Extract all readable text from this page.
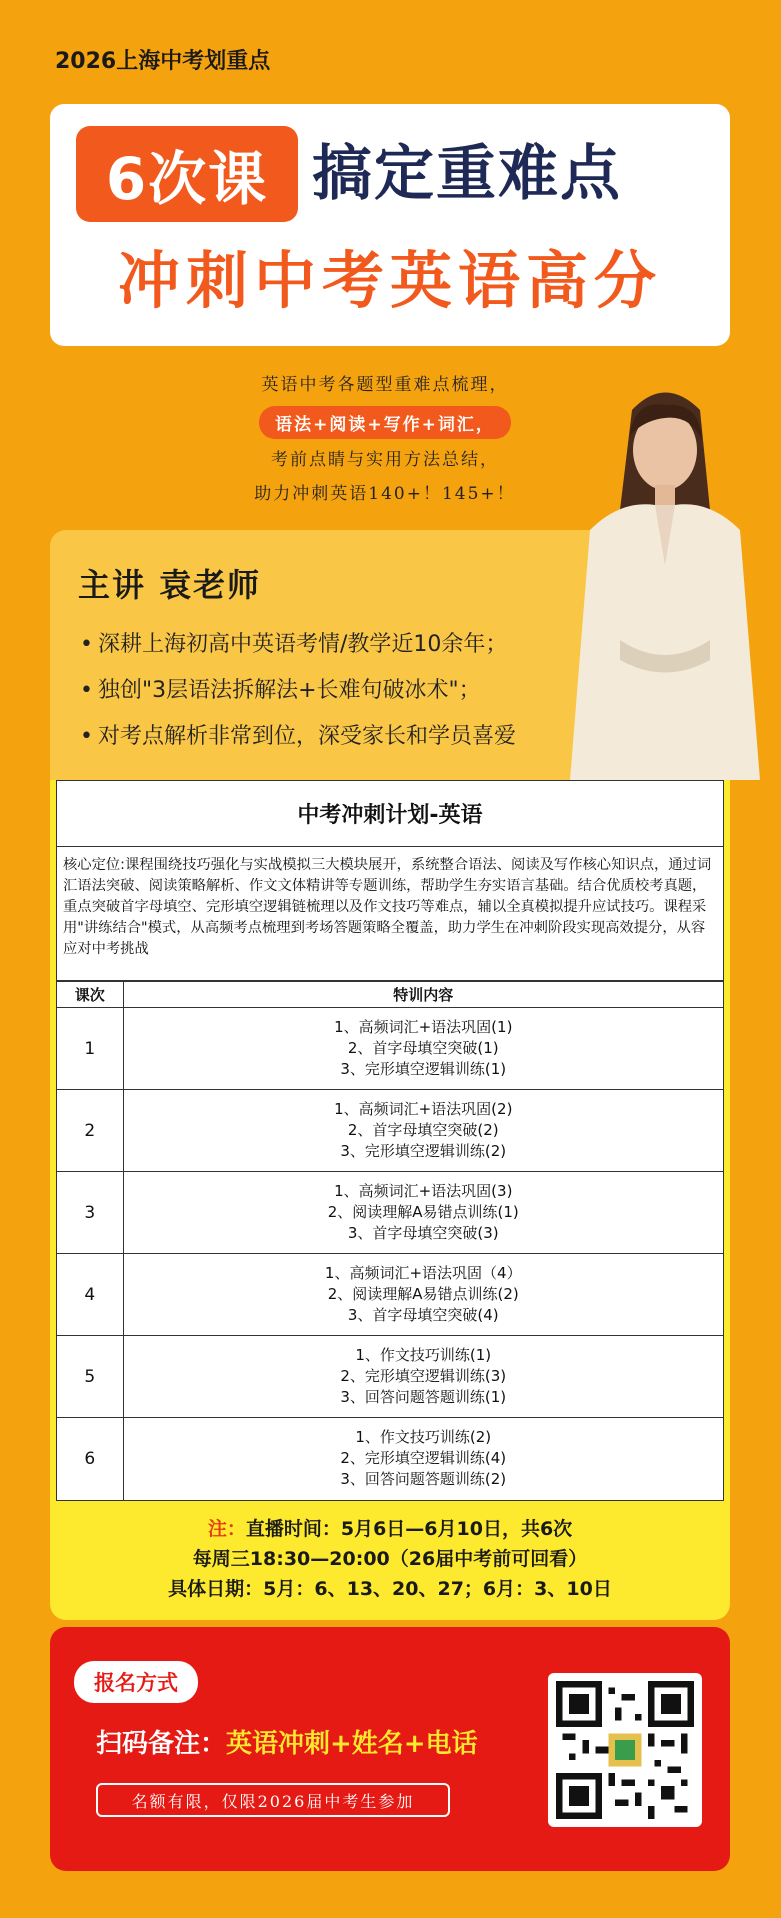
2026上海中考划重点
6次课 搞定重难点
冲刺中考英语高分
英语中考各题型重难点梳理，
语法+阅读+写作+词汇，
考前点睛与实用方法总结，
助力冲刺英语140+！145+！
主讲 袁老师
• 深耕上海初高中英语考情/教学近10余年；
• 独创"3层语法拆解法+长难句破冰术"；
• 对考点解析非常到位，深受家长和学员喜爱
中考冲刺计划-英语
核心定位:课程围绕技巧强化与实战模拟三大模块展开，系统整合语法、阅读及写作核心知识点，通过词汇语法突破、阅读策略解析、作文文体精讲等专题训练，帮助学生夯实语言基础。结合优质校考真题，重点突破首字母填空、完形填空逻辑链梳理以及作文技巧等难点，辅以全真模拟提升应试技巧。课程采用"讲练结合"模式，从高频考点梳理到考场答题策略全覆盖，助力学生在冲刺阶段实现高效提分，从容应对中考挑战
课次	特训内容
1	1、高频词汇+语法巩固(1)
2、首字母填空突破(1)
3、完形填空逻辑训练(1)

2	1、高频词汇+语法巩固(2)
2、首字母填空突破(2)
3、完形填空逻辑训练(2)

3	1、高频词汇+语法巩固(3)
2、阅读理解A易错点训练(1)
3、首字母填空突破(3)

4	1、高频词汇+语法巩固（4）
2、阅读理解A易错点训练(2)
3、首字母填空突破(4)

5	1、作文技巧训练(1)
2、完形填空逻辑训练(3)
3、回答问题答题训练(1)

6	1、作文技巧训练(2)
2、完形填空逻辑训练(4)
3、回答问题答题训练(2)
注：直播时间：5月6日—6月10日，共6次
每周三18:30—20:00（26届中考前可回看）
具体日期：5月：6、13、20、27；6月：3、10日
报名方式
扫码备注：英语冲刺+姓名+电话
名额有限，仅限2026届中考生参加
